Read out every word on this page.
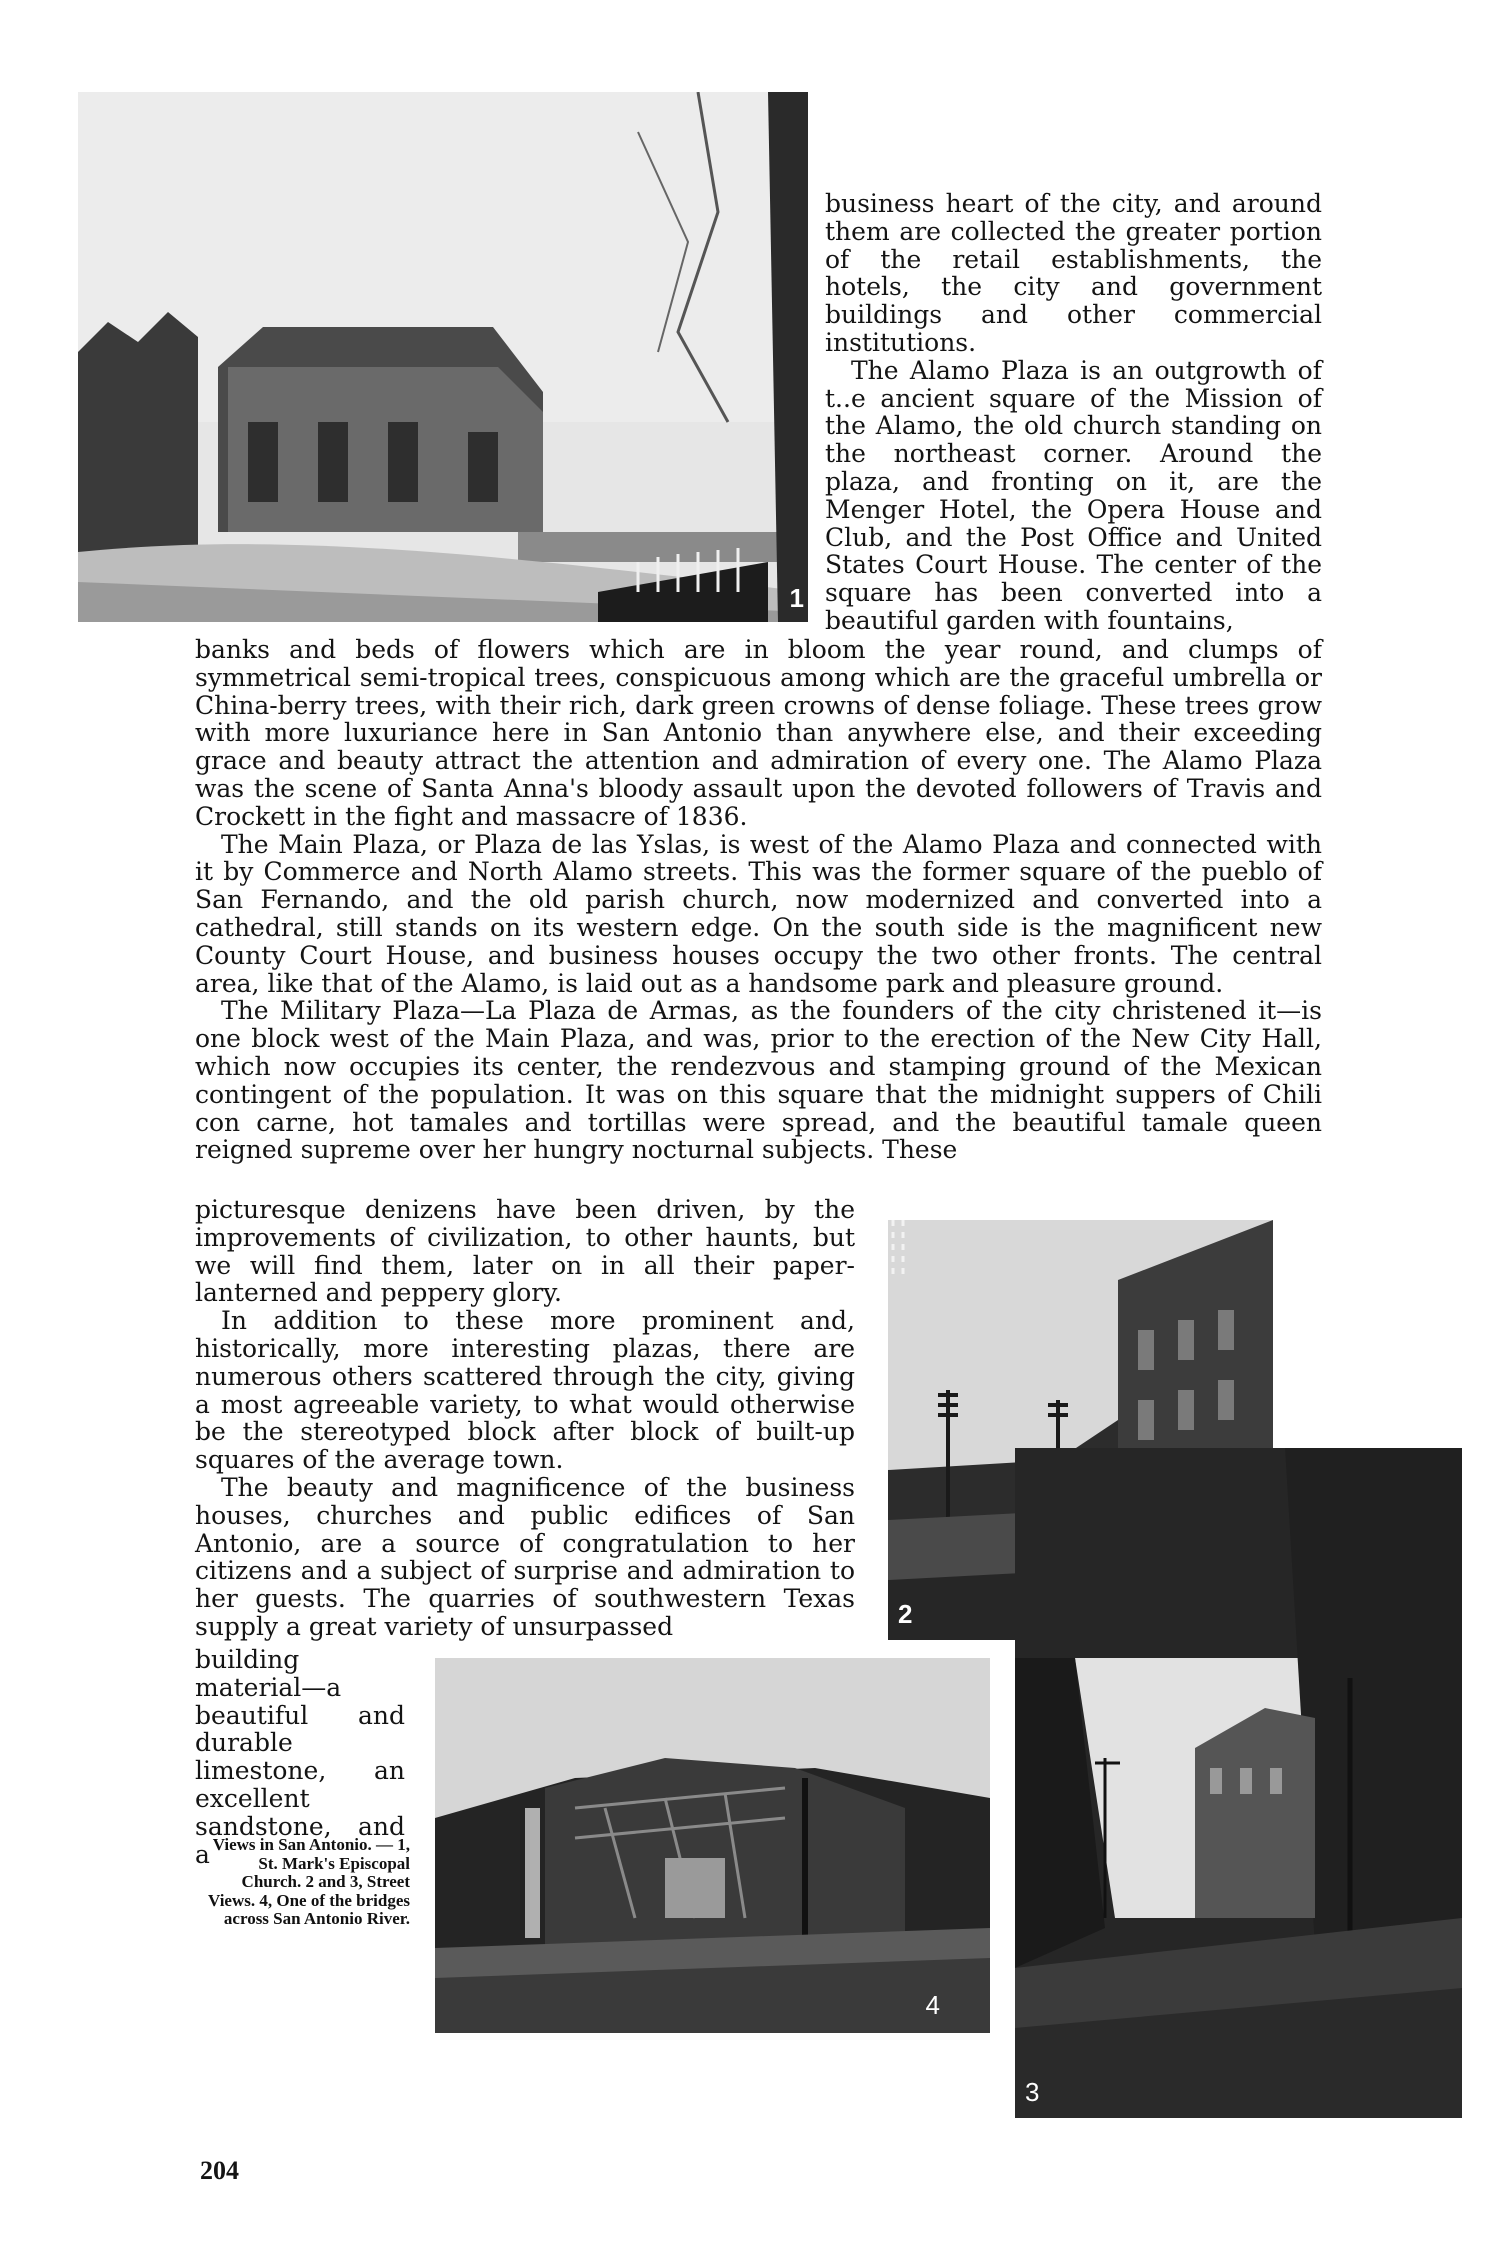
1

business heart of the city, and around them are collected the greater portion of the retail establishments, the hotels, the city and government buildings and other commercial institutions.

The Alamo Plaza is an outgrowth of t..e ancient square of the Mission of the Alamo, the old church standing on the northeast corner. Around the plaza, and fronting on it, are the Menger Hotel, the Opera House and Club, and the Post Office and United States Court House. The center of the square has been converted into a beautiful garden with fountains,

banks and beds of flowers which are in bloom the year round, and clumps of symmetrical semi-tropical trees, conspicuous among which are the graceful umbrella or China-berry trees, with their rich, dark green crowns of dense foliage. These trees grow with more luxuriance here in San Antonio than anywhere else, and their exceeding grace and beauty attract the attention and admiration of every one. The Alamo Plaza was the scene of Santa Anna's bloody assault upon the devoted followers of Travis and Crockett in the fight and massacre of 1836.

The Main Plaza, or Plaza de las Yslas, is west of the Alamo Plaza and connected with it by Commerce and North Alamo streets. This was the former square of the pueblo of San Fernando, and the old parish church, now modernized and converted into a cathedral, still stands on its western edge. On the south side is the magnificent new County Court House, and business houses occupy the two other fronts. The central area, like that of the Alamo, is laid out as a handsome park and pleasure ground.

The Military Plaza—La Plaza de Armas, as the founders of the city christened it—is one block west of the Main Plaza, and was, prior to the erection of the New City Hall, which now occupies its center, the rendezvous and stamping ground of the Mexican contingent of the population. It was on this square that the midnight suppers of Chili con carne, hot tamales and tortillas were spread, and the beautiful tamale queen reigned supreme over her hungry nocturnal subjects. These

picturesque denizens have been driven, by the improvements of civilization, to other haunts, but we will find them, later on in all their paper-lanterned and peppery glory.

In addition to these more prominent and, historically, more interesting plazas, there are numerous others scattered through the city, giving a most agreeable variety, to what would otherwise be the stereotyped block after block of built-up squares of the average town.

The beauty and magnificence of the business houses, churches and public edifices of San Antonio, are a source of congratulation to her citizens and a subject of surprise and admiration to her guests. The quarries of southwestern Texas supply a great variety of unsurpassed

building material—a beautiful and durable limestone, an excellent sandstone, and a

2
3
4
Views in San Antonio. — 1, St. Mark's Episcopal Church. 2 and 3, Street Views. 4, One of the bridges across San Antonio River.
204
